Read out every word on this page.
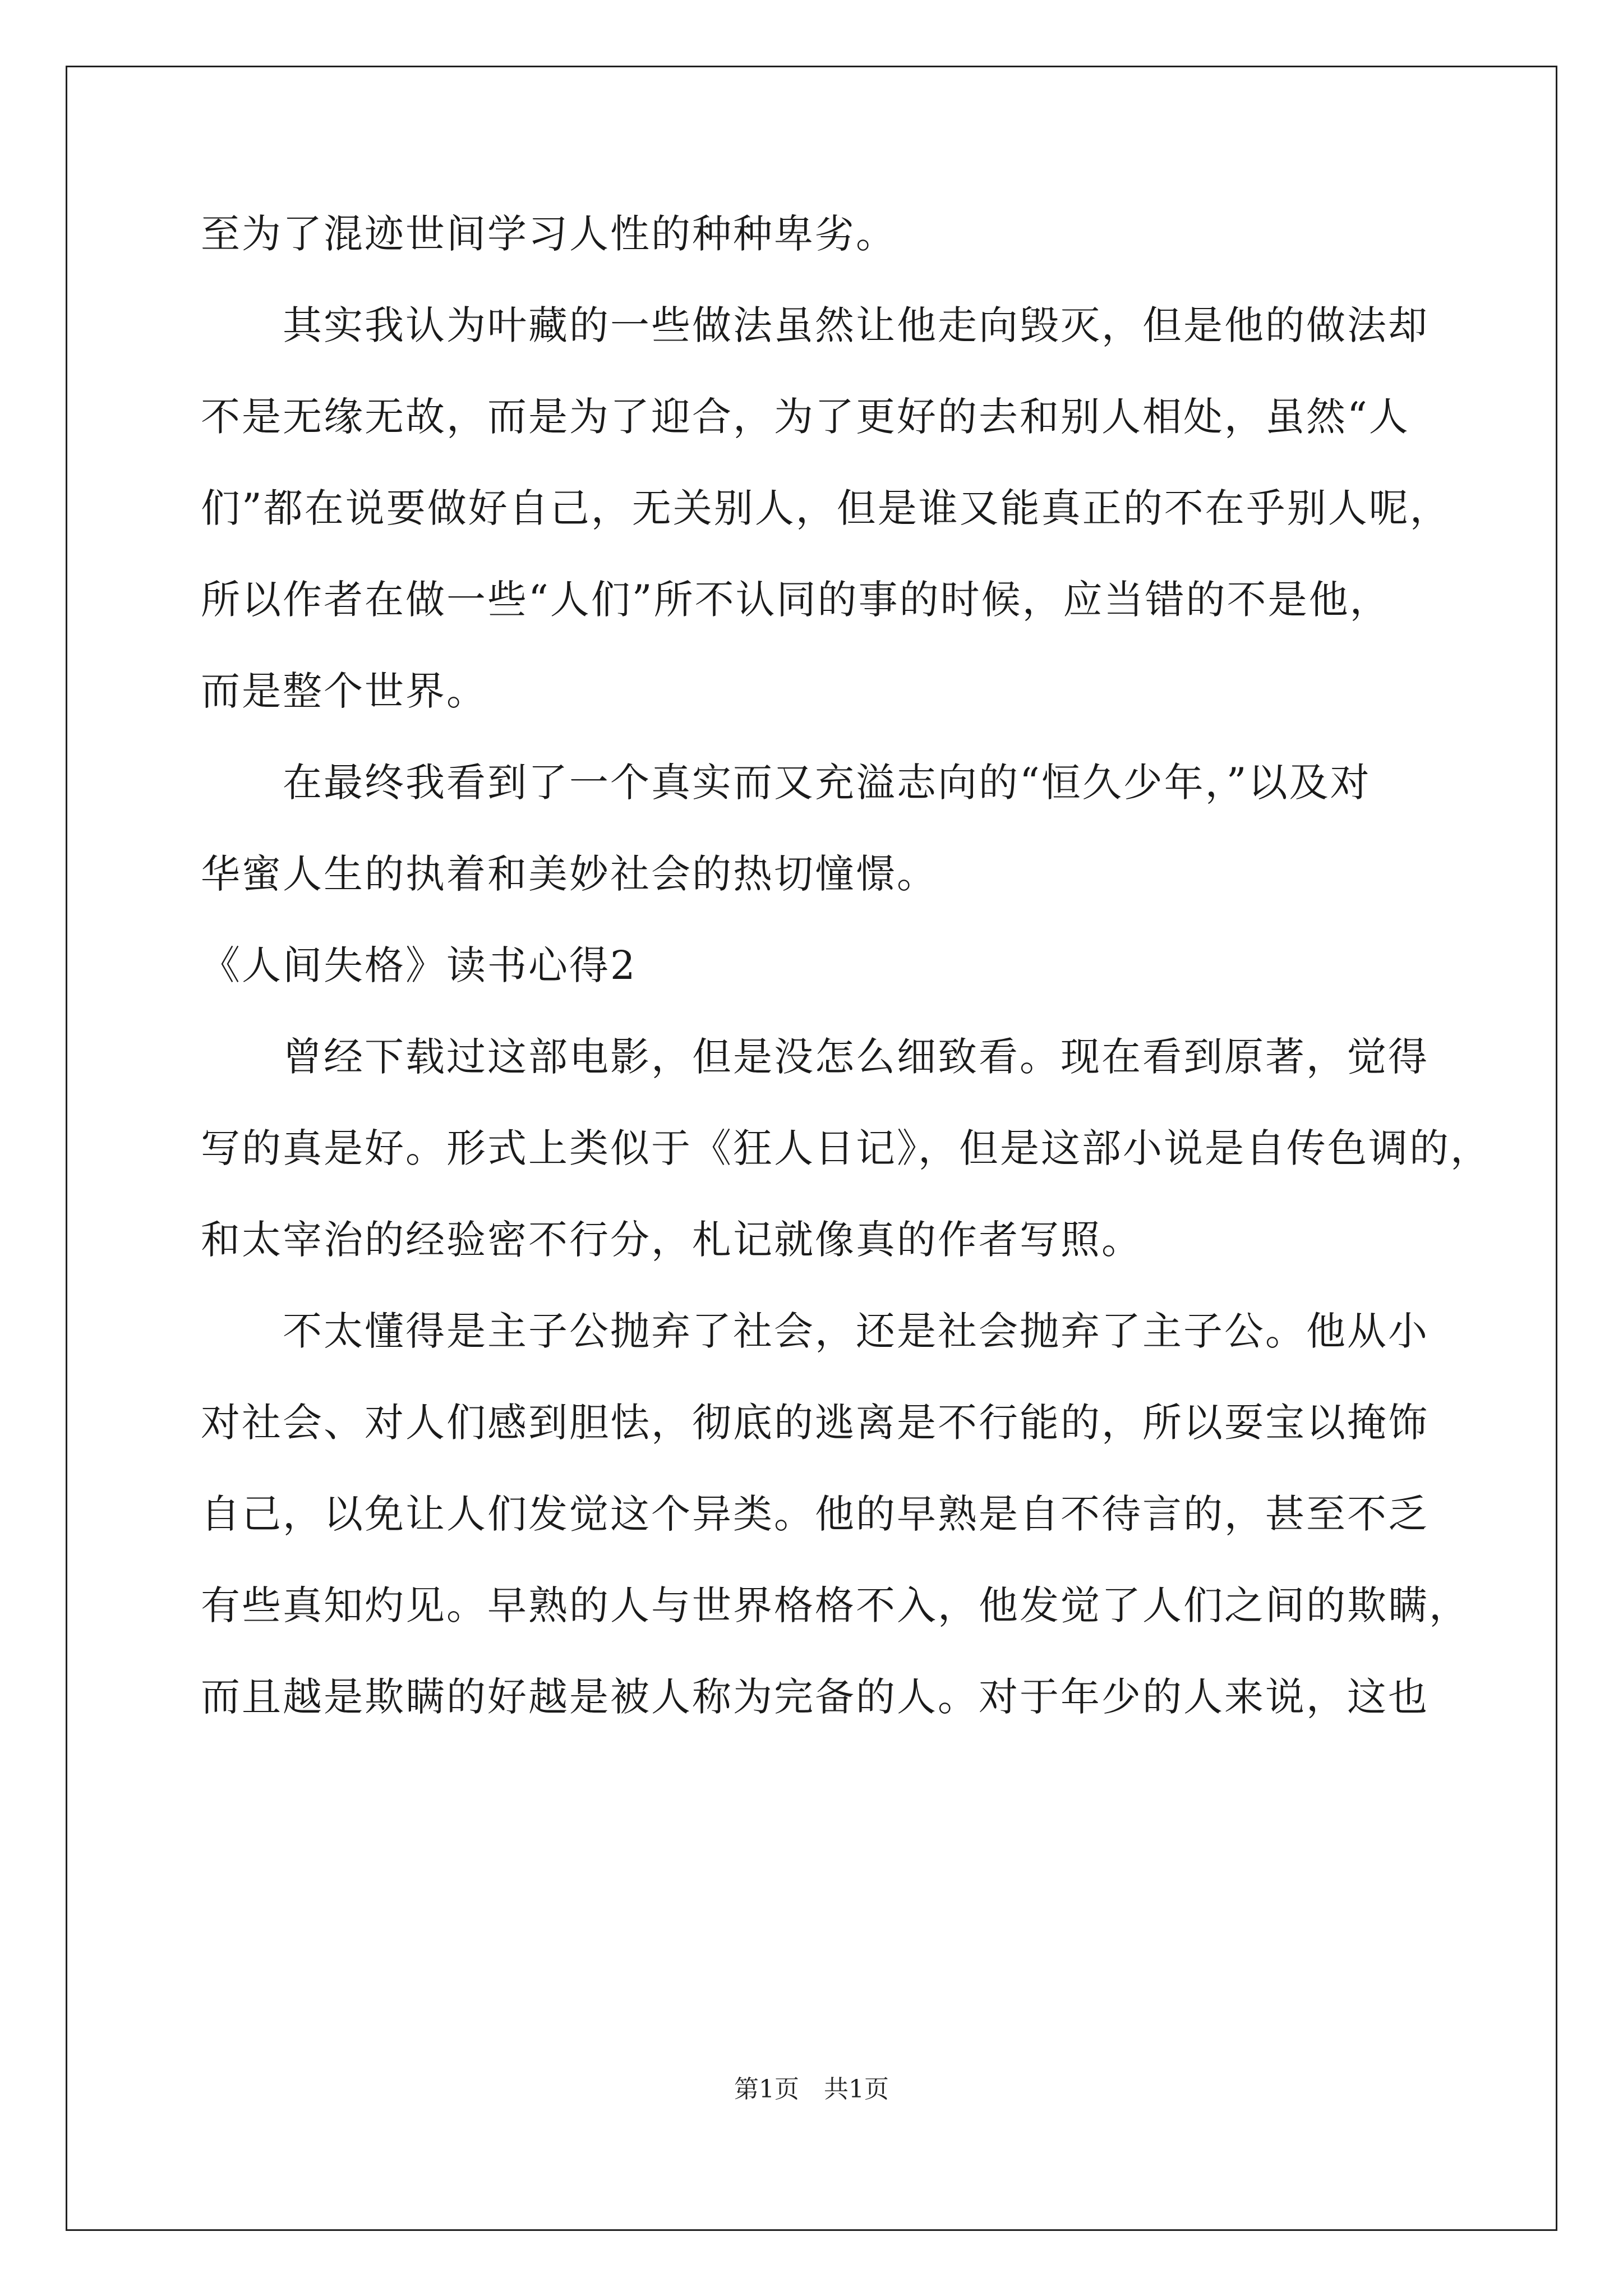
至为了混迹世间学习人性的种种卑劣。
　　其实我认为叶藏的一些做法虽然让他走向毁灭，但是他的做法却
不是无缘无故，而是为了迎合，为了更好的去和别人相处，虽然“人
们”都在说要做好自己，无关别人，但是谁又能真正的不在乎别人呢，
所以作者在做一些“人们”所不认同的事的时候，应当错的不是他，
而是整个世界。
　　在最终我看到了一个真实而又充溢志向的“恒久少年，”以及对
华蜜人生的执着和美妙社会的热切憧憬。
《人间失格》读书心得2
　　曾经下载过这部电影，但是没怎么细致看。现在看到原著，觉得
写的真是好。形式上类似于《狂人日记》，但是这部小说是自传色调的，
和太宰治的经验密不行分，札记就像真的作者写照。
　　不太懂得是主子公抛弃了社会，还是社会抛弃了主子公。他从小
对社会、对人们感到胆怯，彻底的逃离是不行能的，所以耍宝以掩饰
自己，以免让人们发觉这个异类。他的早熟是自不待言的，甚至不乏
有些真知灼见。早熟的人与世界格格不入，他发觉了人们之间的欺瞒，
而且越是欺瞒的好越是被人称为完备的人。对于年少的人来说，这也
第1页　共1页
